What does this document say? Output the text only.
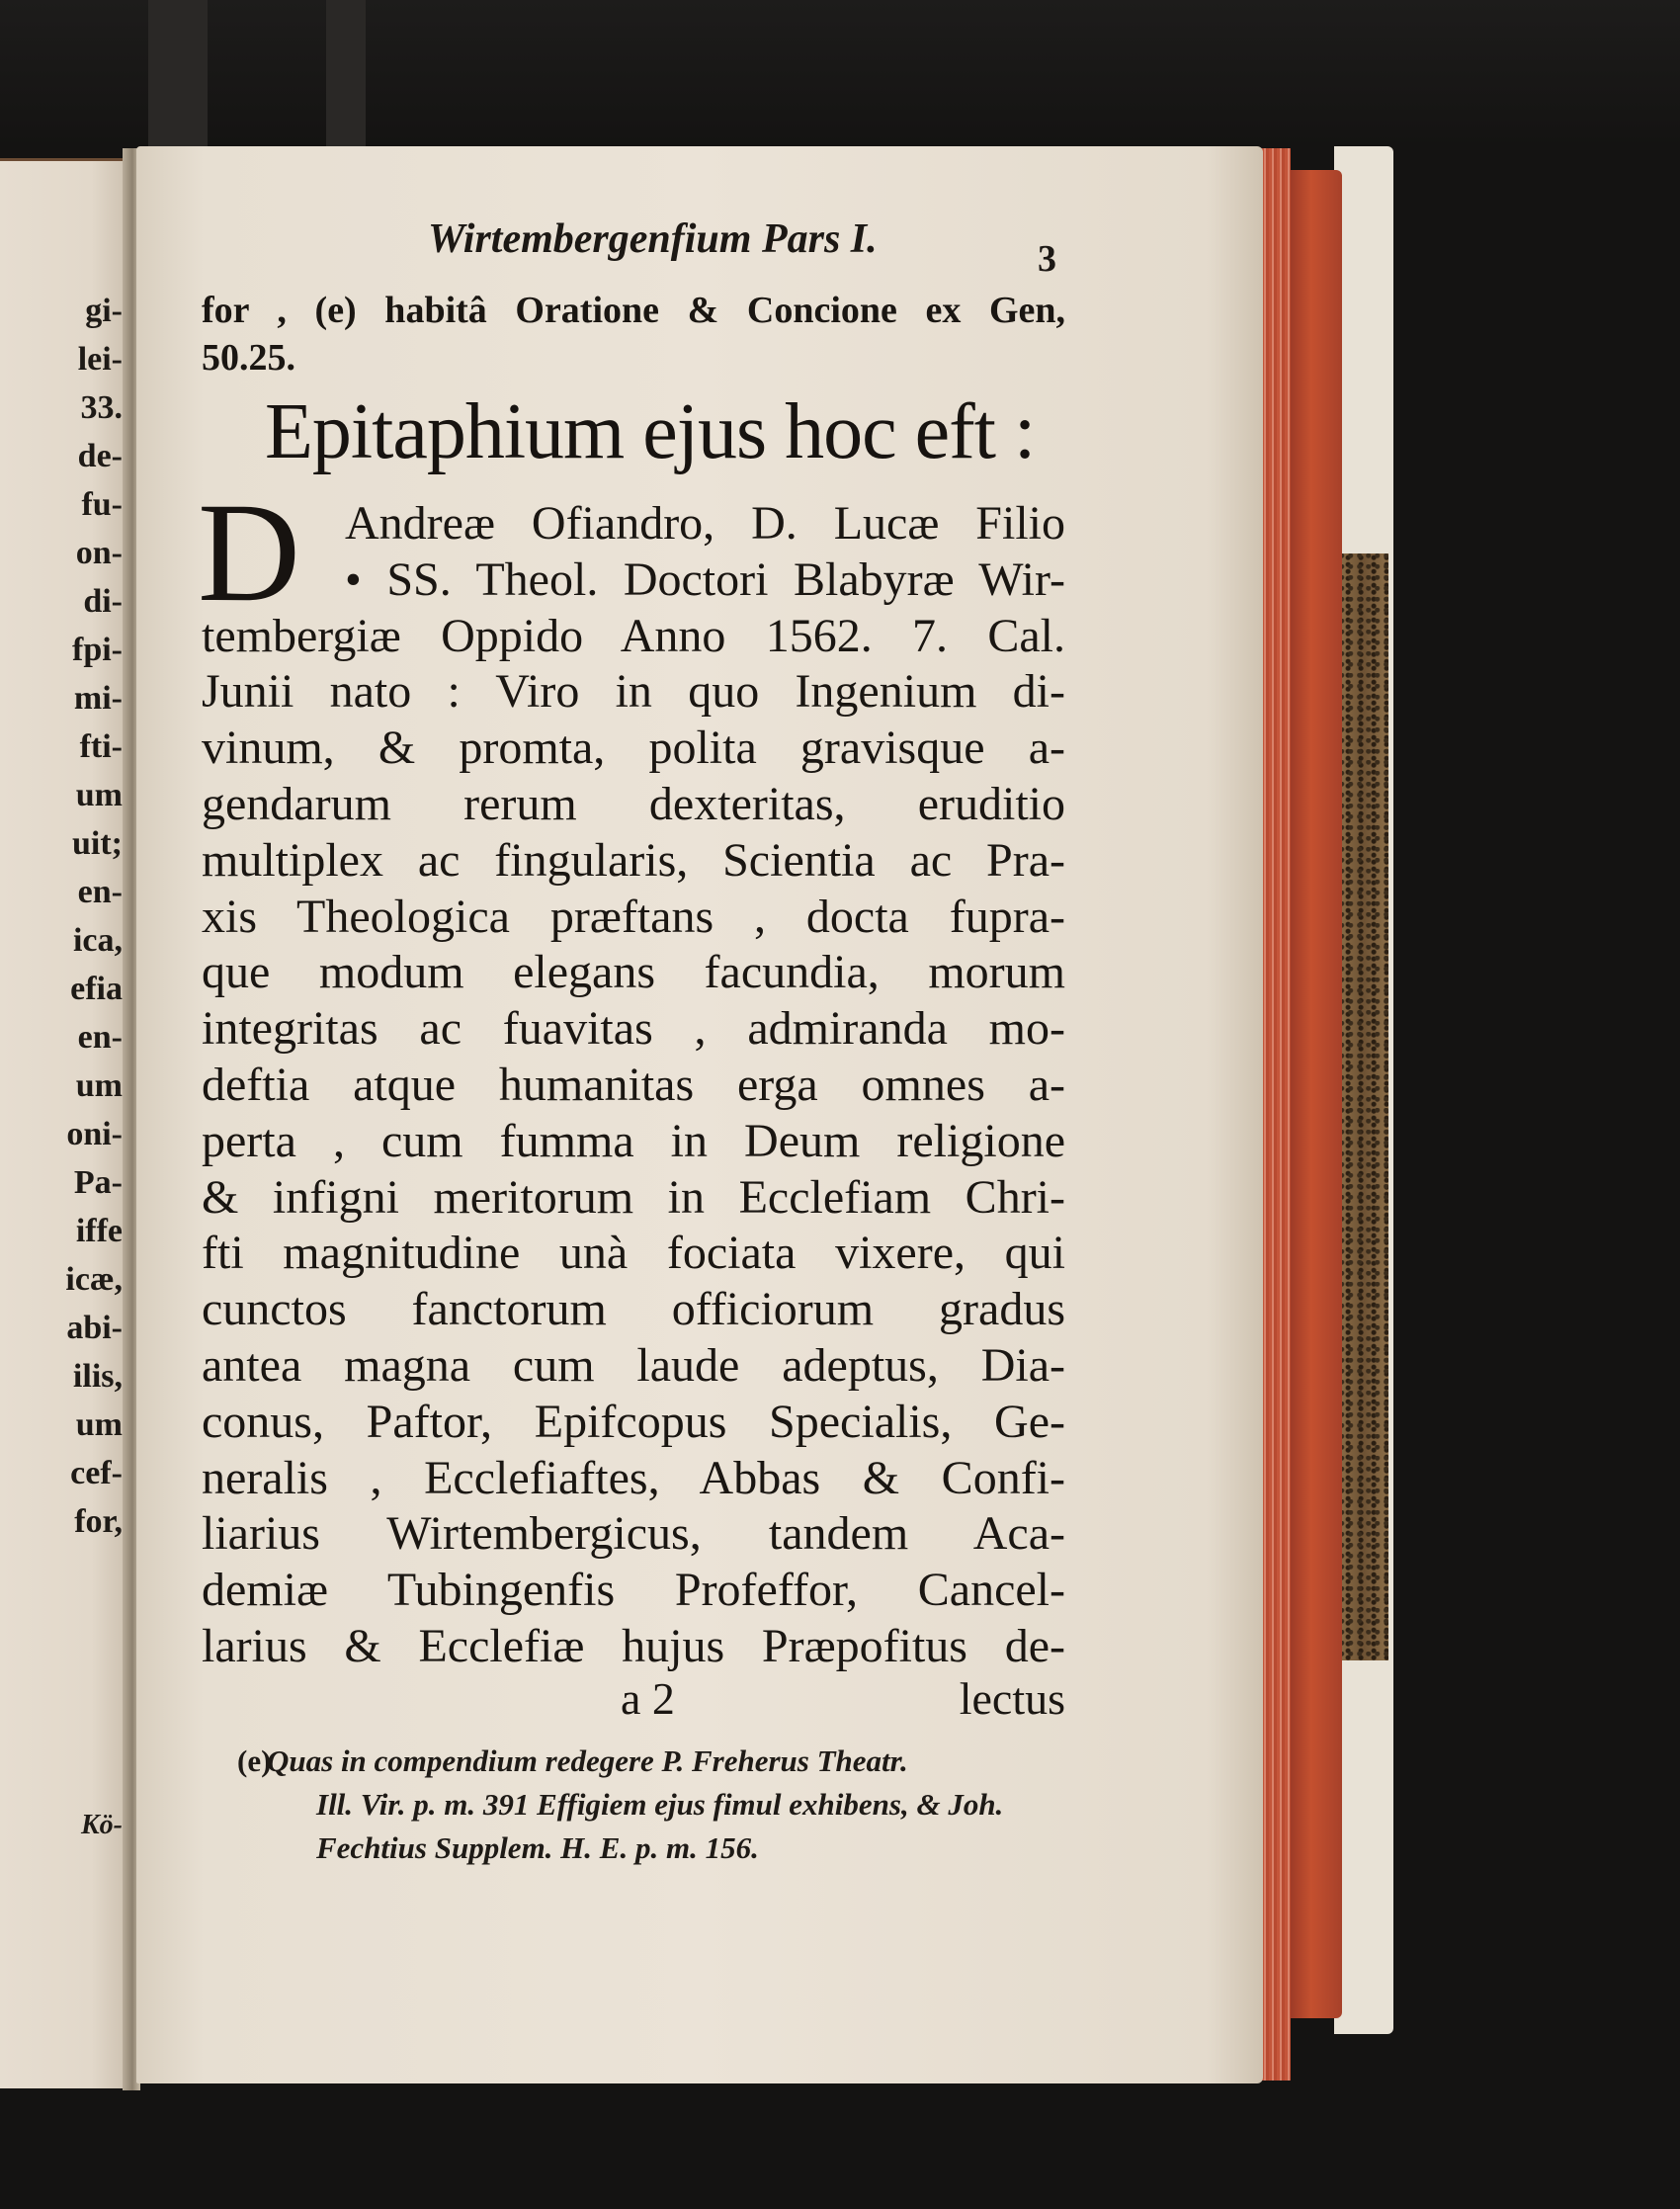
gi-
lei-
33.
de-
fu-
on-
di-
fpi-
mi-
fti-
um
uit;
en-
ica,
efia
en-
um
oni-
Pa-
iffe
icæ,
abi-
ilis,
um
cef-
for,
Kö-
Wirtembergenfium Pars I.	3
for , (e) habitâ Oratione & Concione ex Gen,
50.25.
Epitaphium ejus hoc eft :
D Andreæ Ofiandro, D. Lucæ Filio
• SS. Theol. Doctori Blabyræ Wir-
tembergiæ Oppido Anno 1562. 7. Cal.
Junii nato : Viro in quo Ingenium di-
vinum, & promta, polita gravisque a-
gendarum rerum dexteritas, eruditio
multiplex ac fingularis, Scientia ac Pra-
xis Theologica præftans , docta fupra-
que modum elegans facundia, morum
integritas ac fuavitas , admiranda mo-
deftia atque humanitas erga omnes a-
perta , cum fumma in Deum religione
& infigni meritorum in Ecclefiam Chri-
fti magnitudine unà fociata vixere, qui
cunctos fanctorum officiorum gradus
antea magna cum laude adeptus, Dia-
conus, Paftor, Epifcopus Specialis, Ge-
neralis , Ecclefiaftes, Abbas & Confi-
liarius Wirtembergicus, tandem Aca-
demiæ Tubingenfis Profeffor, Cancel-
larius & Ecclefiæ hujus Præpofitus de-
a 2	lectus
(e)
Quas in compendium redegere P. Freherus Theatr.
Ill. Vir. p. m. 391 Effigiem ejus fimul exhibens, & Joh.
Fechtius Supplem. H. E. p. m. 156.
